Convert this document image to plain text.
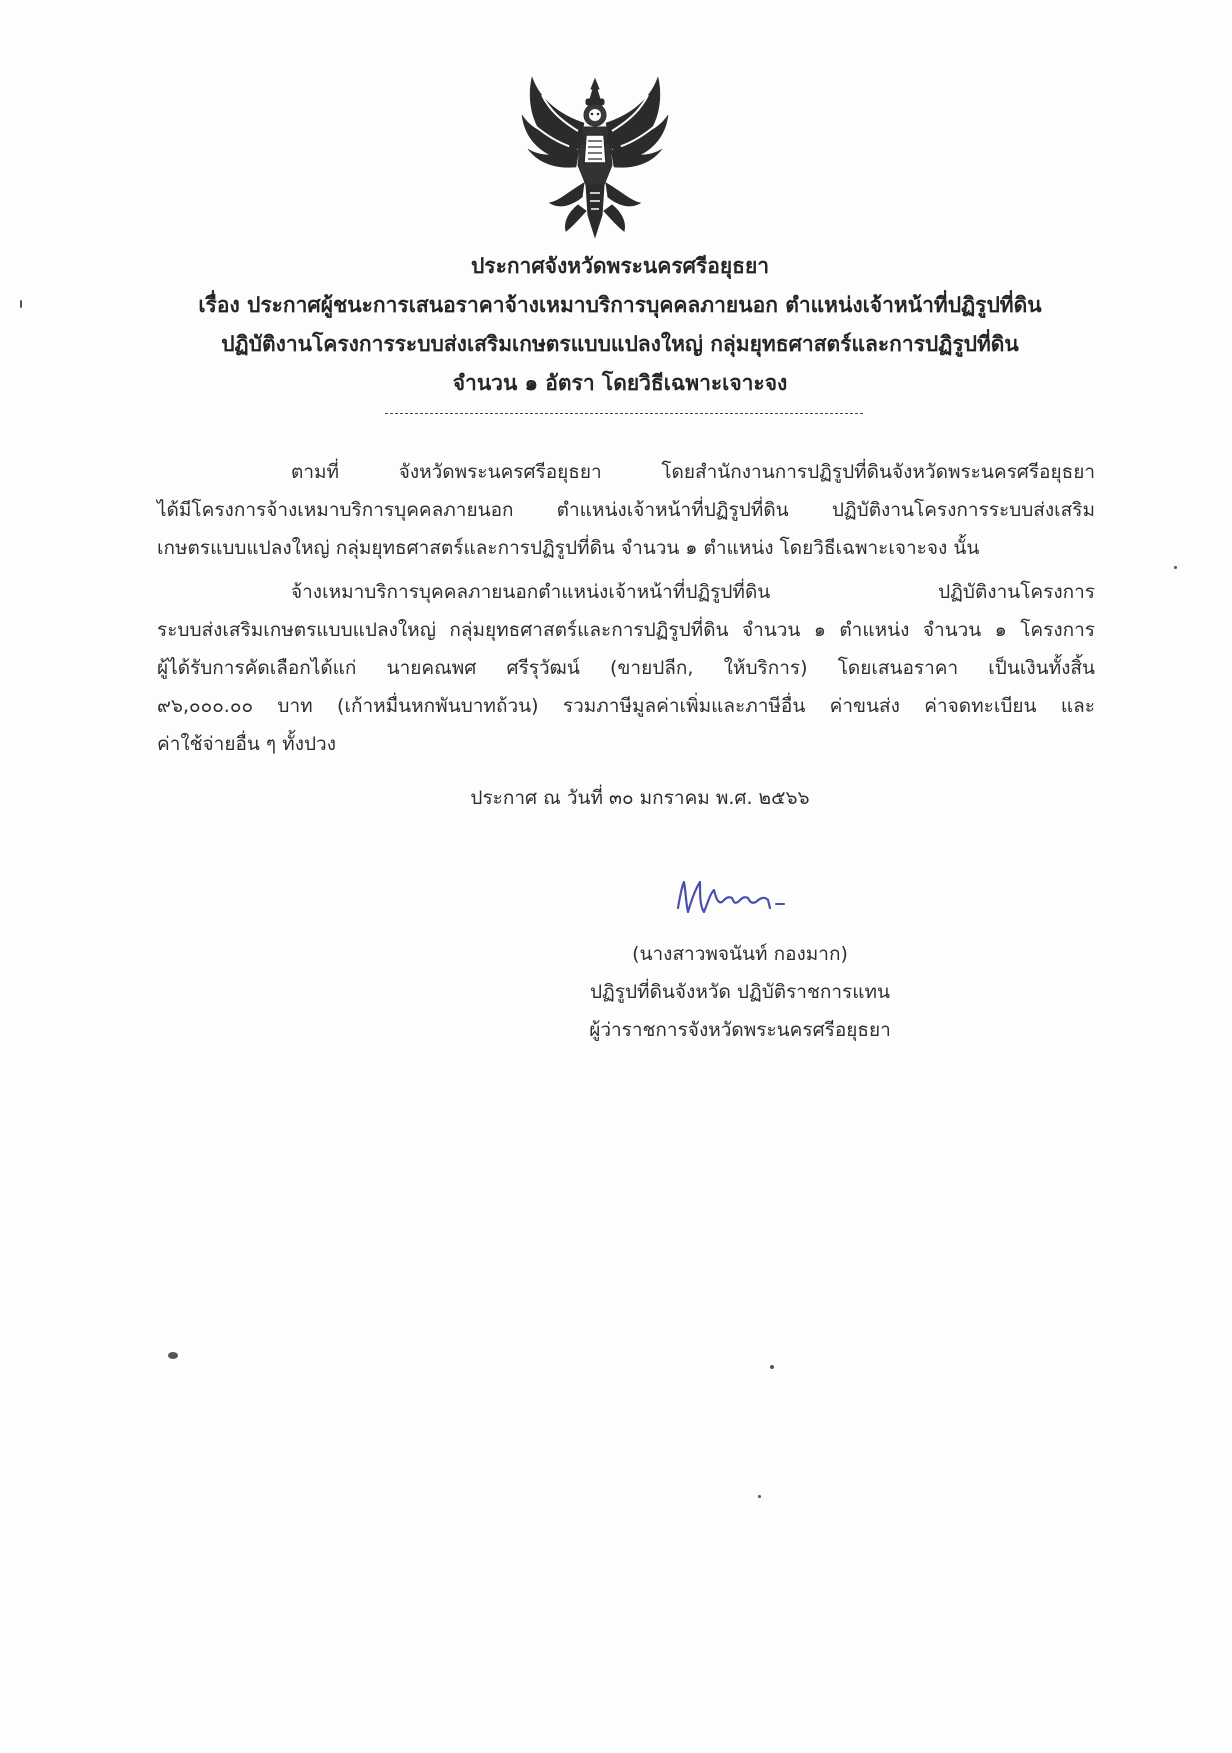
ประกาศจังหวัดพระนครศรีอยุธยา
เรื่อง ประกาศผู้ชนะการเสนอราคาจ้างเหมาบริการบุคคลภายนอก ตำแหน่งเจ้าหน้าที่ปฏิรูปที่ดิน
ปฏิบัติงานโครงการระบบส่งเสริมเกษตรแบบแปลงใหญ่ กลุ่มยุทธศาสตร์และการปฏิรูปที่ดิน
จำนวน ๑ อัตรา โดยวิธีเฉพาะเจาะจง
ตามที่ จังหวัดพระนครศรีอยุธยา โดยสำนักงานการปฏิรูปที่ดินจังหวัดพระนครศรีอยุธยา
ได้มีโครงการจ้างเหมาบริการบุคคลภายนอก ตำแหน่งเจ้าหน้าที่ปฏิรูปที่ดิน ปฏิบัติงานโครงการระบบส่งเสริม
เกษตรแบบแปลงใหญ่ กลุ่มยุทธศาสตร์และการปฏิรูปที่ดิน จำนวน ๑ ตำแหน่ง โดยวิธีเฉพาะเจาะจง นั้น
จ้างเหมาบริการบุคคลภายนอกตำแหน่งเจ้าหน้าที่ปฏิรูปที่ดิน ปฏิบัติงานโครงการ
ระบบส่งเสริมเกษตรแบบแปลงใหญ่ กลุ่มยุทธศาสตร์และการปฏิรูปที่ดิน จำนวน ๑ ตำแหน่ง จำนวน ๑ โครงการ
ผู้ได้รับการคัดเลือกได้แก่ นายคณพศ ศรีรุวัฒน์ (ขายปลีก, ให้บริการ) โดยเสนอราคา เป็นเงินทั้งสิ้น
๙๖,๐๐๐.๐๐ บาท (เก้าหมื่นหกพันบาทถ้วน) รวมภาษีมูลค่าเพิ่มและภาษีอื่น ค่าขนส่ง ค่าจดทะเบียน และ
ค่าใช้จ่ายอื่น ๆ ทั้งปวง
ประกาศ ณ วันที่ ๓๐ มกราคม พ.ศ. ๒๕๖๖
(นางสาวพจนันท์ กองมาก)
ปฏิรูปที่ดินจังหวัด ปฏิบัติราชการแทน
ผู้ว่าราชการจังหวัดพระนครศรีอยุธยา
